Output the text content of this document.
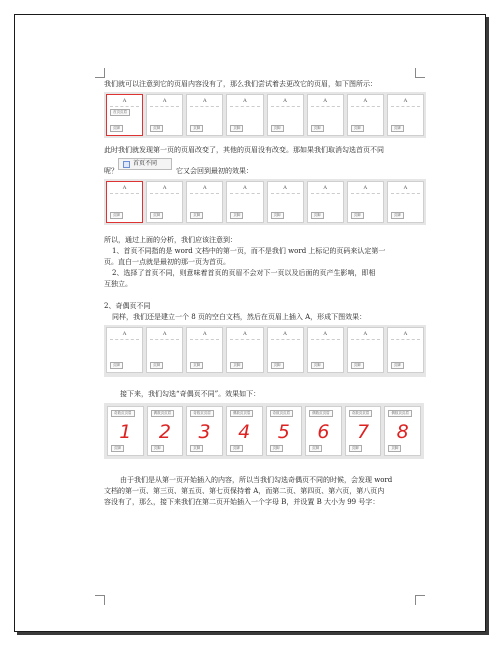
我们就可以注意到它的页眉内容没有了，那么我们尝试着去更改它的页眉，如下图所示：
A
首页页眉
页脚
A
页脚
A
页脚
A
页脚
A
页脚
A
页脚
A
页脚
A
页脚
此时我们就发现第一页的页眉改变了，其他的页眉没有改变。那如果我们取消勾选首页不同
首页不同
呢？	它又会回到最初的效果：
A
页脚
A
页脚
A
页脚
A
页脚
A
页脚
A
页脚
A
页脚
A
页脚
所以，通过上面的分析，我们应该注意到：
1、首页不同指的是 word 文档中的第一页，而不是我们 word 上标记的页码来认定第一
页。直白一点就是最初的那一页为首页。
2、选择了首页不同，则意味着首页的页眉不会对下一页以及后面的页产生影响，即相
互独立。
2、奇偶页不同
同样，我们还是建立一个 8 页的空白文档，然后在页眉上插入 A，形成下图效果：
A
页脚
A
页脚
A
页脚
A
页脚
A
页脚
A
页脚
A
页脚
A
页脚
接下来，我们勾选“奇偶页不同”。效果如下：
奇数页页眉
1
页脚
偶数页页眉
2
页脚
奇数页页眉
3
页脚
偶数页页眉
4
页脚
奇数页页眉
5
页脚
偶数页页眉
6
页脚
奇数页页眉
7
页脚
偶数页页眉
8
页脚
由于我们是从第一页开始插入的内容，所以当我们勾选奇偶页不同的时候，会发现 word
文档的第一页、第三页、第五页、第七页保持着 A，而第二页、第四页、第六页，第八页内
容没有了，那么，接下来我们在第二页开始插入一个字母 B，并设置 B 大小为 99 号字：
